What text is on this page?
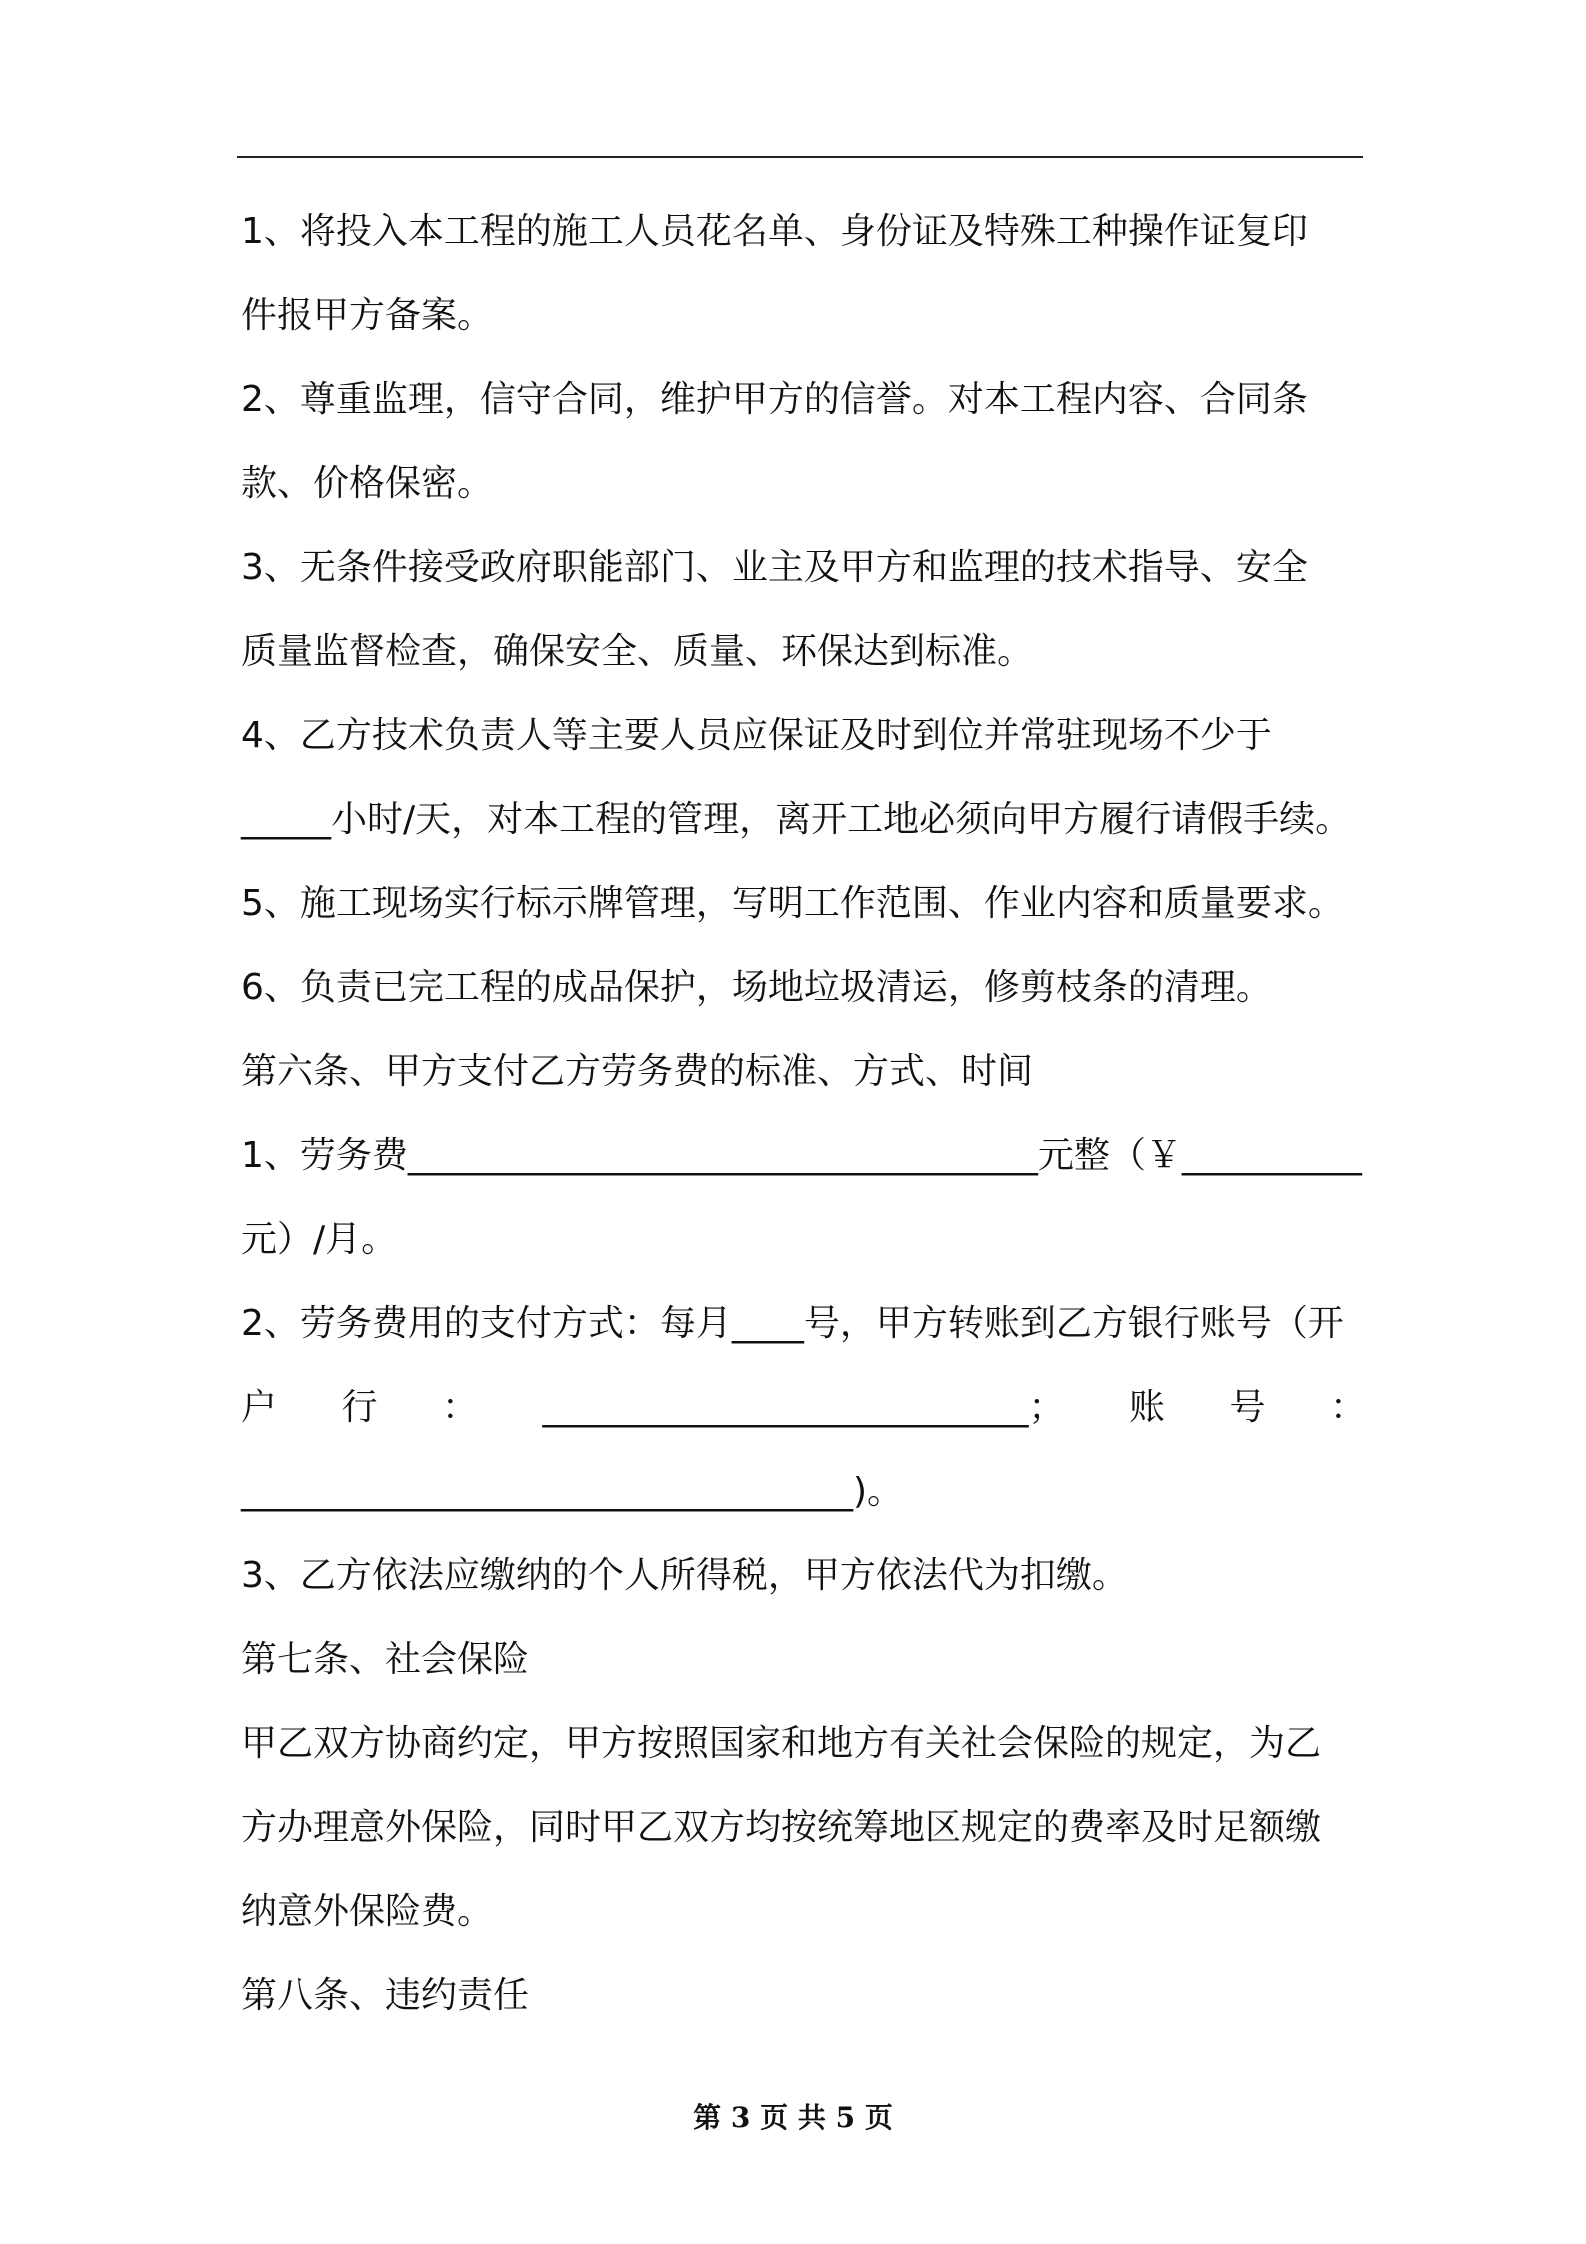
1、将投入本工程的施工人员花名单、身份证及特殊工种操作证复印
件报甲方备案。
2、尊重监理，信守合同，维护甲方的信誉。对本工程内容、合同条
款、价格保密。
3、无条件接受政府职能部门、业主及甲方和监理的技术指导、安全
质量监督检查，确保安全、质量、环保达到标准。
4、乙方技术负责人等主要人员应保证及时到位并常驻现场不少于
_____小时/天，对本工程的管理，离开工地必须向甲方履行请假手续。
5、施工现场实行标示牌管理，写明工作范围、作业内容和质量要求。
6、负责已完工程的成品保护，场地垃圾清运，修剪枝条的清理。
第六条、甲方支付乙方劳务费的标准、方式、时间
1、劳务费___________________________________元整（￥__________
元）/月。
2、劳务费用的支付方式：每月____号，甲方转账到乙方银行账号（开
户 行 ： ___________________________； 账 号 ：
__________________________________)。
3、乙方依法应缴纳的个人所得税，甲方依法代为扣缴。
第七条、社会保险
甲乙双方协商约定，甲方按照国家和地方有关社会保险的规定，为乙
方办理意外保险，同时甲乙双方均按统筹地区规定的费率及时足额缴
纳意外保险费。
第八条、违约责任
第 3 页 共 5 页
